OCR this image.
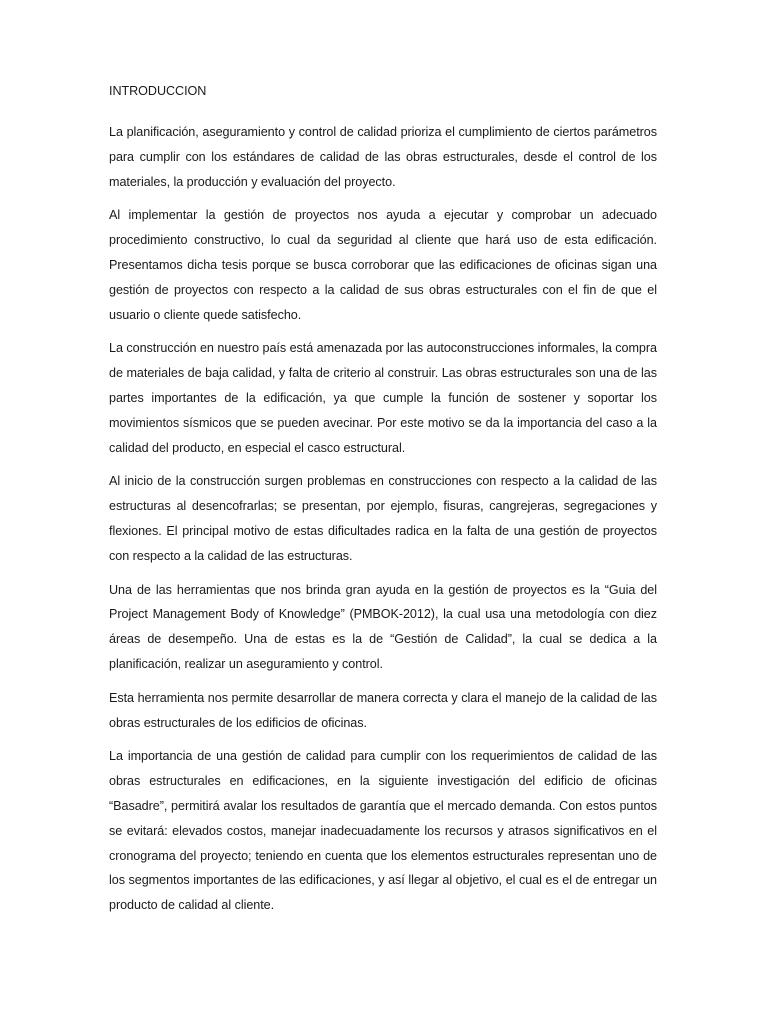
INTRODUCCION

La planificación, aseguramiento y control de calidad prioriza el cumplimiento de ciertos parámetros para cumplir con los estándares de calidad de las obras estructurales, desde el control de los materiales, la producción y evaluación del proyecto.

Al implementar la gestión de proyectos nos ayuda a ejecutar y comprobar un adecuado procedimiento constructivo, lo cual da seguridad al cliente que hará uso de esta edificación. Presentamos dicha tesis porque se busca corroborar que las edificaciones de oficinas sigan una gestión de proyectos con respecto a la calidad de sus obras estructurales con el fin de que el usuario o cliente quede satisfecho.

La construcción en nuestro país está amenazada por las autoconstrucciones informales, la compra de materiales de baja calidad, y falta de criterio al construir. Las obras estructurales son una de las partes importantes de la edificación, ya que cumple la función de sostener y soportar los movimientos sísmicos que se pueden avecinar. Por este motivo se da la importancia del caso a la calidad del producto, en especial el casco estructural.

Al inicio de la construcción surgen problemas en construcciones con respecto a la calidad de las estructuras al desencofrarlas; se presentan, por ejemplo, fisuras, cangrejeras, segregaciones y flexiones. El principal motivo de estas dificultades radica en la falta de una gestión de proyectos con respecto a la calidad de las estructuras.

Una de las herramientas que nos brinda gran ayuda en la gestión de proyectos es la “Guia del Project Management Body of Knowledge” (PMBOK-2012), la cual usa una metodología con diez áreas de desempeño. Una de estas es la de “Gestión de Calidad”, la cual se dedica a la planificación, realizar un aseguramiento y control.

Esta herramienta nos permite desarrollar de manera correcta y clara el manejo de la calidad de las obras estructurales de los edificios de oficinas.

La importancia de una gestión de calidad para cumplir con los requerimientos de calidad de las obras estructurales en edificaciones, en la siguiente investigación del edificio de oficinas “Basadre”, permitirá avalar los resultados de garantía que el mercado demanda. Con estos puntos se evitará: elevados costos, manejar inadecuadamente los recursos y atrasos significativos en el cronograma del proyecto; teniendo en cuenta que los elementos estructurales representan uno de los segmentos importantes de las edificaciones, y así llegar al objetivo, el cual es el de entregar un producto de calidad al cliente.
